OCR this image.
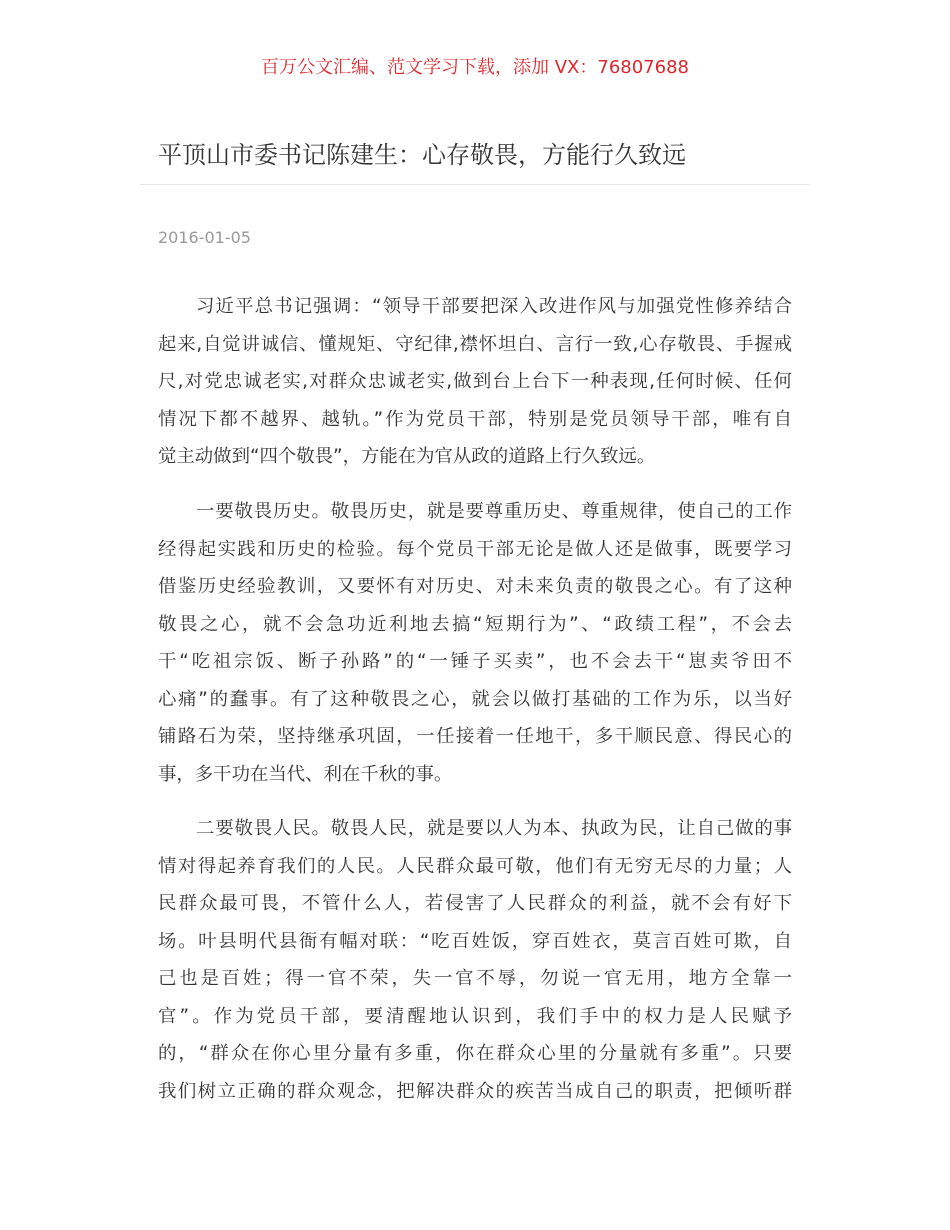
百万公文汇编、范文学习下载，添加 VX：76807688
平顶山市委书记陈建生：心存敬畏，方能行久致远
2016-01-05
习近平总书记强调：“领导干部要把深入改进作风与加强党性修养结合
起来,自觉讲诚信、懂规矩、守纪律,襟怀坦白、言行一致,心存敬畏、手握戒
尺,对党忠诚老实,对群众忠诚老实,做到台上台下一种表现,任何时候、任何
情况下都不越界、越轨。”作为党员干部，特别是党员领导干部，唯有自
觉主动做到“四个敬畏”，方能在为官从政的道路上行久致远。
一要敬畏历史。敬畏历史，就是要尊重历史、尊重规律，使自己的工作
经得起实践和历史的检验。每个党员干部无论是做人还是做事，既要学习
借鉴历史经验教训，又要怀有对历史、对未来负责的敬畏之心。有了这种
敬畏之心，就不会急功近利地去搞“短期行为”、“政绩工程”，不会去
干“吃祖宗饭、断子孙路”的“一锤子买卖”，也不会去干“崽卖爷田不
心痛”的蠢事。有了这种敬畏之心，就会以做打基础的工作为乐，以当好
铺路石为荣，坚持继承巩固，一任接着一任地干，多干顺民意、得民心的
事，多干功在当代、利在千秋的事。
二要敬畏人民。敬畏人民，就是要以人为本、执政为民，让自己做的事
情对得起养育我们的人民。人民群众最可敬，他们有无穷无尽的力量；人
民群众最可畏，不管什么人，若侵害了人民群众的利益，就不会有好下
场。叶县明代县衙有幅对联：“吃百姓饭，穿百姓衣，莫言百姓可欺，自
己也是百姓；得一官不荣，失一官不辱，勿说一官无用，地方全靠一
官”。作为党员干部，要清醒地认识到，我们手中的权力是人民赋予
的，“群众在你心里分量有多重，你在群众心里的分量就有多重”。只要
我们树立正确的群众观念，把解决群众的疾苦当成自己的职责，把倾听群
